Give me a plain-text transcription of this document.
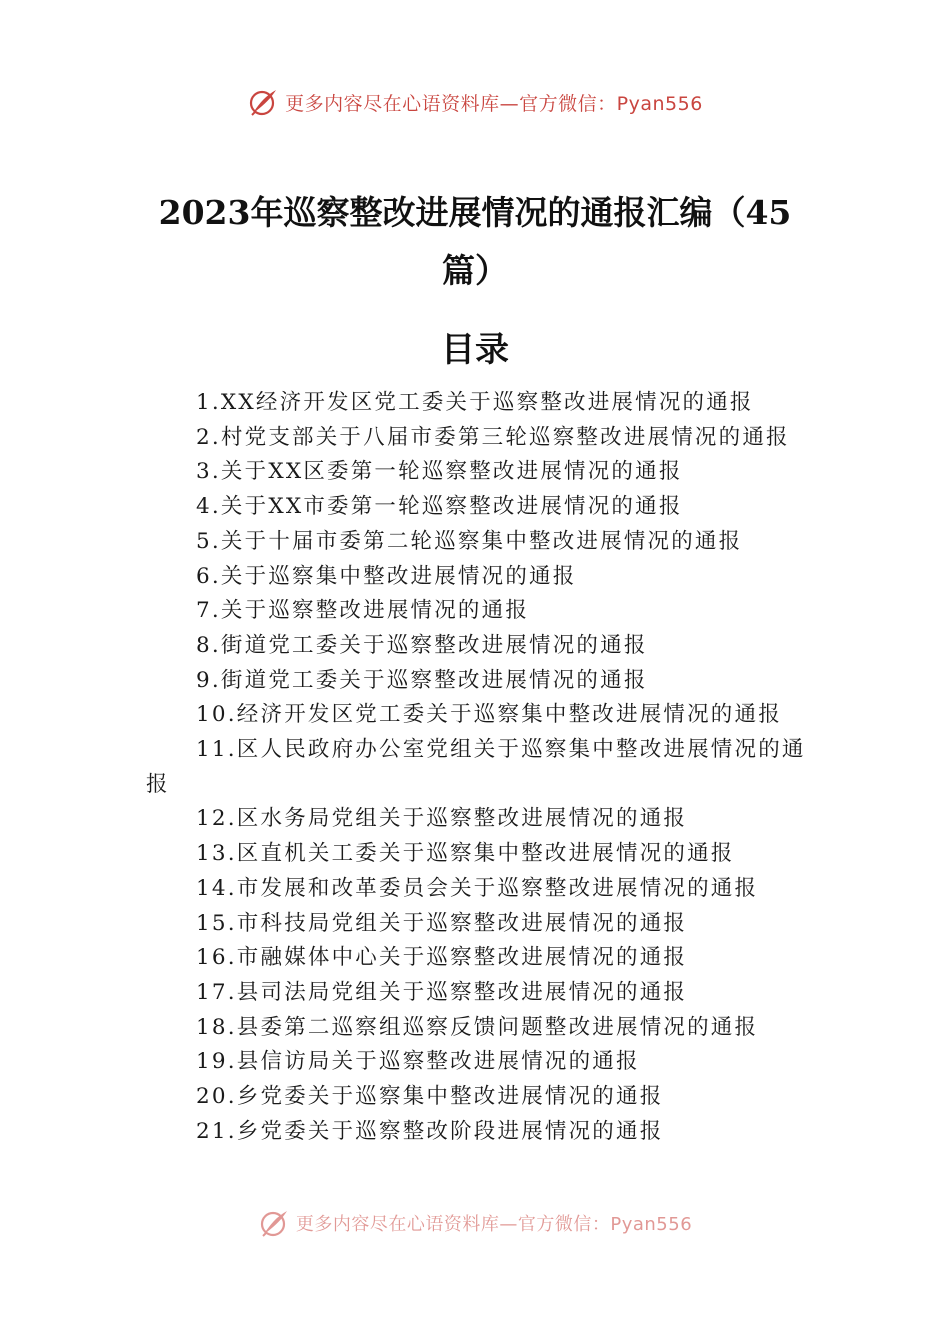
更多内容尽在心语资料库—官方微信：Pyan556
2023年巡察整改进展情况的通报汇编（45篇）
目录
1.XX经济开发区党工委关于巡察整改进展情况的通报
2.村党支部关于八届市委第三轮巡察整改进展情况的通报
3.关于XX区委第一轮巡察整改进展情况的通报
4.关于XX市委第一轮巡察整改进展情况的通报
5.关于十届市委第二轮巡察集中整改进展情况的通报
6.关于巡察集中整改进展情况的通报
7.关于巡察整改进展情况的通报
8.街道党工委关于巡察整改进展情况的通报
9.街道党工委关于巡察整改进展情况的通报
10.经济开发区党工委关于巡察集中整改进展情况的通报
11.区人民政府办公室党组关于巡察集中整改进展情况的通报
12.区水务局党组关于巡察整改进展情况的通报
13.区直机关工委关于巡察集中整改进展情况的通报
14.市发展和改革委员会关于巡察整改进展情况的通报
15.市科技局党组关于巡察整改进展情况的通报
16.市融媒体中心关于巡察整改进展情况的通报
17.县司法局党组关于巡察整改进展情况的通报
18.县委第二巡察组巡察反馈问题整改进展情况的通报
19.县信访局关于巡察整改进展情况的通报
20.乡党委关于巡察集中整改进展情况的通报
21.乡党委关于巡察整改阶段进展情况的通报
更多内容尽在心语资料库—官方微信：Pyan556
